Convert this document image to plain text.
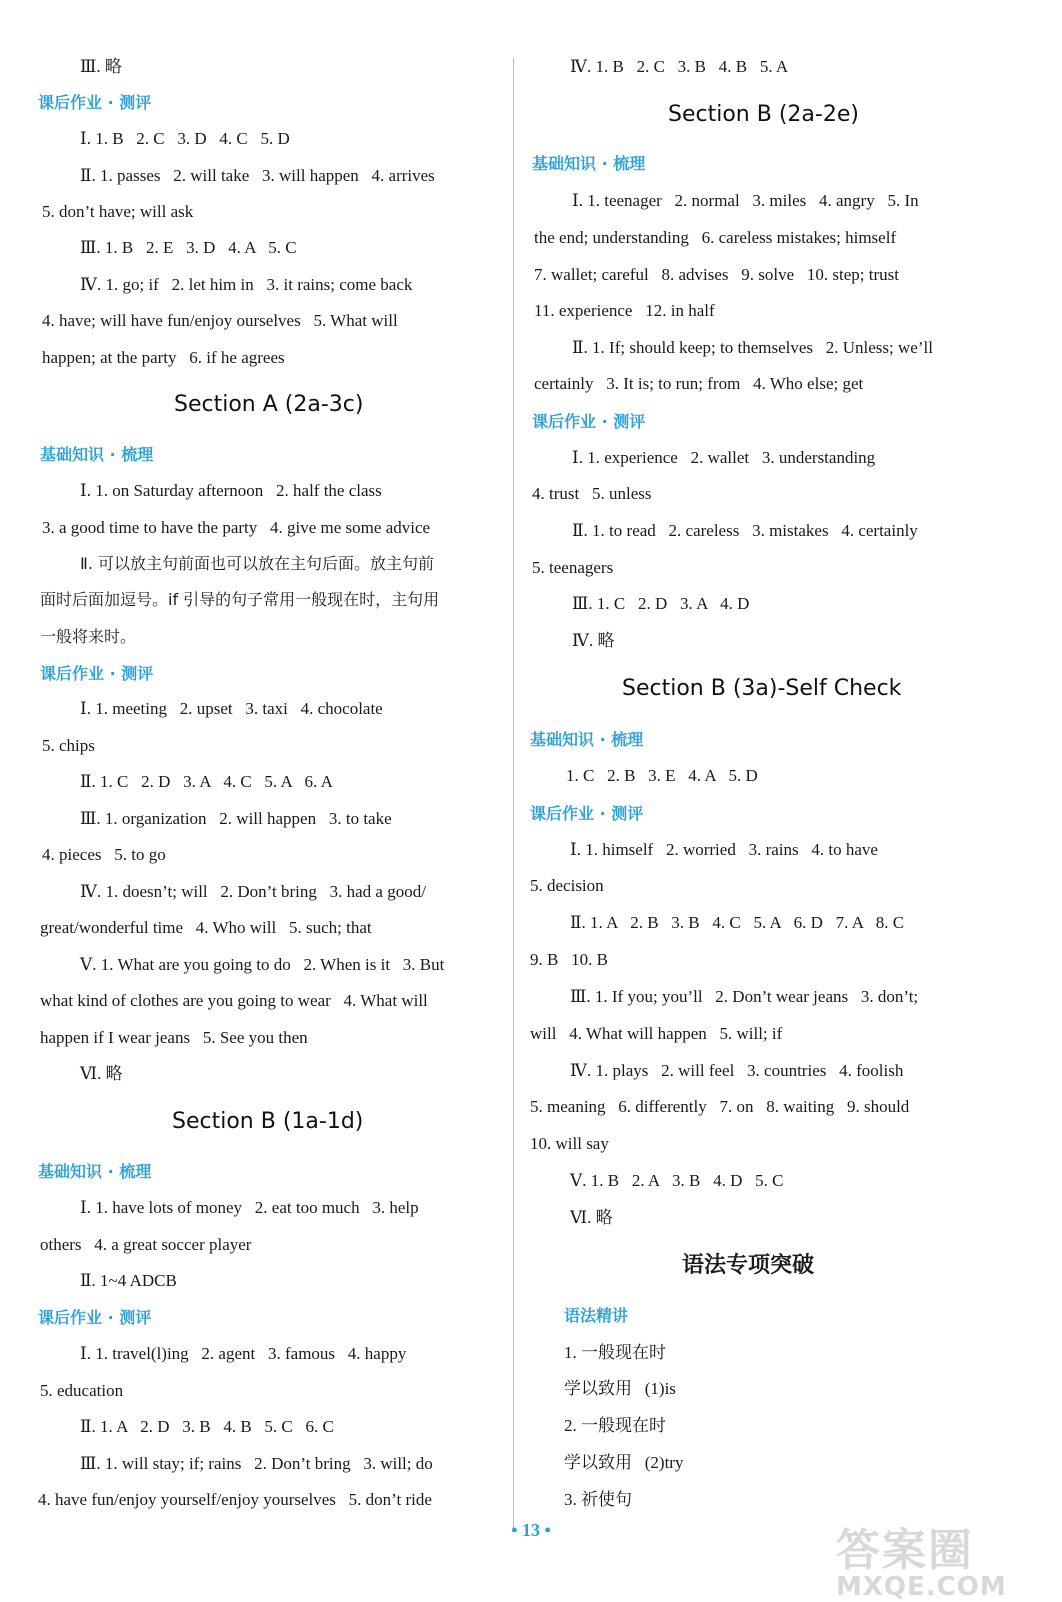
Ⅲ. 略
课后作业 · 测评
Ⅰ. 1. B   2. C   3. D   4. C   5. D
Ⅱ. 1. passes   2. will take   3. will happen   4. arrives
5. don’t have; will ask
Ⅲ. 1. B   2. E   3. D   4. A   5. C
Ⅳ. 1. go; if   2. let him in   3. it rains; come back
4. have; will have fun/enjoy ourselves   5. What will
happen; at the party   6. if he agrees
Section A (2a-3c)
基础知识 · 梳理
Ⅰ. 1. on Saturday afternoon   2. half the class
3. a good time to have the party   4. give me some advice
Ⅱ. 可以放主句前面也可以放在主句后面。放主句前
面时后面加逗号。if 引导的句子常用一般现在时，主句用
一般将来时。
课后作业 · 测评
Ⅰ. 1. meeting   2. upset   3. taxi   4. chocolate
5. chips
Ⅱ. 1. C   2. D   3. A   4. C   5. A   6. A
Ⅲ. 1. organization   2. will happen   3. to take
4. pieces   5. to go
Ⅳ. 1. doesn’t; will   2. Don’t bring   3. had a good/
great/wonderful time   4. Who will   5. such; that
Ⅴ. 1. What are you going to do   2. When is it   3. But
what kind of clothes are you going to wear   4. What will
happen if I wear jeans   5. See you then
Ⅵ. 略
Section B (1a-1d)
基础知识 · 梳理
Ⅰ. 1. have lots of money   2. eat too much   3. help
others   4. a great soccer player
Ⅱ. 1~4 ADCB
课后作业 · 测评
Ⅰ. 1. travel(l)ing   2. agent   3. famous   4. happy
5. education
Ⅱ. 1. A   2. D   3. B   4. B   5. C   6. C
Ⅲ. 1. will stay; if; rains   2. Don’t bring   3. will; do
4. have fun/enjoy yourself/enjoy yourselves   5. don’t ride
Ⅳ. 1. B   2. C   3. B   4. B   5. A
Section B (2a-2e)
基础知识 · 梳理
Ⅰ. 1. teenager   2. normal   3. miles   4. angry   5. In
the end; understanding   6. careless mistakes; himself
7. wallet; careful   8. advises   9. solve   10. step; trust
11. experience   12. in half
Ⅱ. 1. If; should keep; to themselves   2. Unless; we’ll
certainly   3. It is; to run; from   4. Who else; get
课后作业 · 测评
Ⅰ. 1. experience   2. wallet   3. understanding
4. trust   5. unless
Ⅱ. 1. to read   2. careless   3. mistakes   4. certainly
5. teenagers
Ⅲ. 1. C   2. D   3. A   4. D
Ⅳ. 略
Section B (3a)-Self Check
基础知识 · 梳理
1. C   2. B   3. E   4. A   5. D
课后作业 · 测评
Ⅰ. 1. himself   2. worried   3. rains   4. to have
5. decision
Ⅱ. 1. A   2. B   3. B   4. C   5. A   6. D   7. A   8. C
9. B   10. B
Ⅲ. 1. If you; you’ll   2. Don’t wear jeans   3. don’t;
will   4. What will happen   5. will; if
Ⅳ. 1. plays   2. will feel   3. countries   4. foolish
5. meaning   6. differently   7. on   8. waiting   9. should
10. will say
Ⅴ. 1. B   2. A   3. B   4. D   5. C
Ⅵ. 略
语法专项突破
语法精讲
1. 一般现在时
学以致用   (1)is
2. 一般现在时
学以致用   (2)try
3. 祈使句
• 13 •	答案圈
MXQE.COM
